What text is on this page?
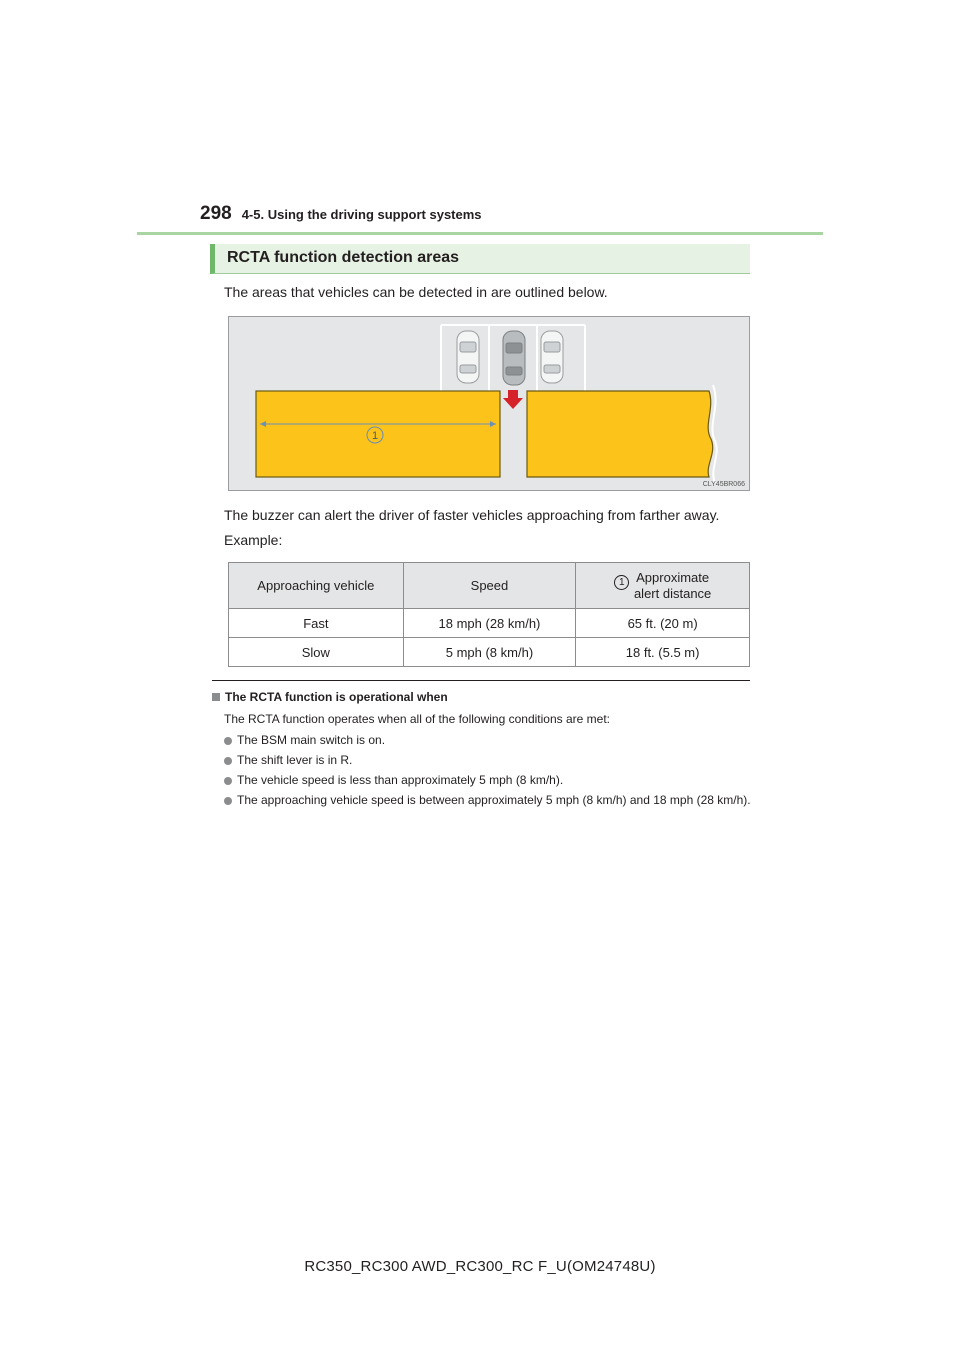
298 4-5. Using the driving support systems
RCTA function detection areas

The areas that vehicles can be detected in are outlined below.

1
CLY45BR066

The buzzer can alert the driver of faster vehicles approaching from farther away.

Example:

Approaching vehicle	Speed	1 Approximate
alert distance

Fast	18 mph (28 km/h)	65 ft. (20 m)
Slow	5 mph (8 km/h)	18 ft. (5.5 m)
The RCTA function is operational when

The RCTA function operates when all of the following conditions are met:

The BSM main switch is on.
The shift lever is in R.
The vehicle speed is less than approximately 5 mph (8 km/h).
The approaching vehicle speed is between approximately 5 mph (8 km/h) and 18 mph (28 km/h).
RC350_RC300 AWD_RC300_RC F_U(OM24748U)
